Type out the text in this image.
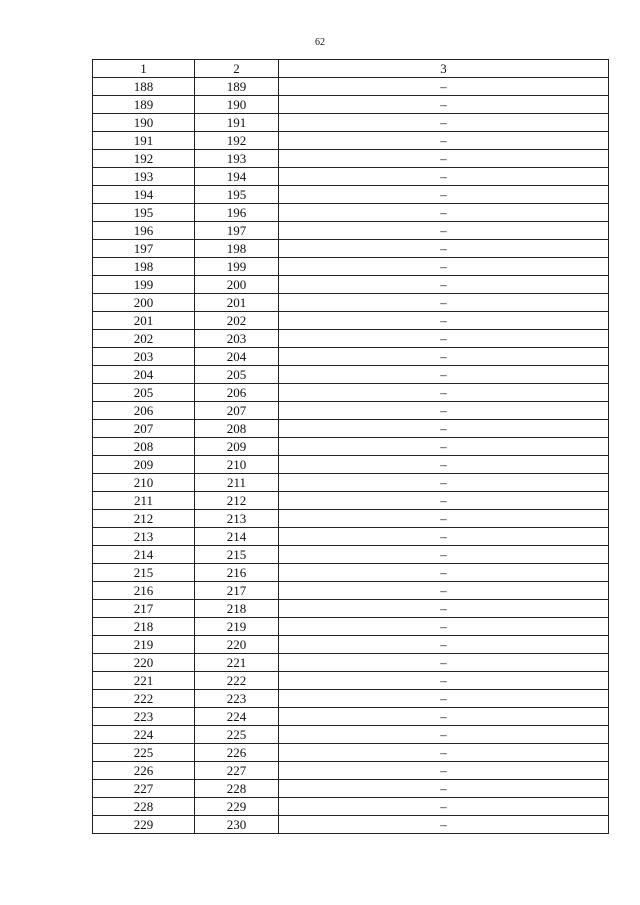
62
1	2	3
188	189	–
189	190	–
190	191	–
191	192	–
192	193	–
193	194	–
194	195	–
195	196	–
196	197	–
197	198	–
198	199	–
199	200	–
200	201	–
201	202	–
202	203	–
203	204	–
204	205	–
205	206	–
206	207	–
207	208	–
208	209	–
209	210	–
210	211	–
211	212	–
212	213	–
213	214	–
214	215	–
215	216	–
216	217	–
217	218	–
218	219	–
219	220	–
220	221	–
221	222	–
222	223	–
223	224	–
224	225	–
225	226	–
226	227	–
227	228	–
228	229	–
229	230	–
